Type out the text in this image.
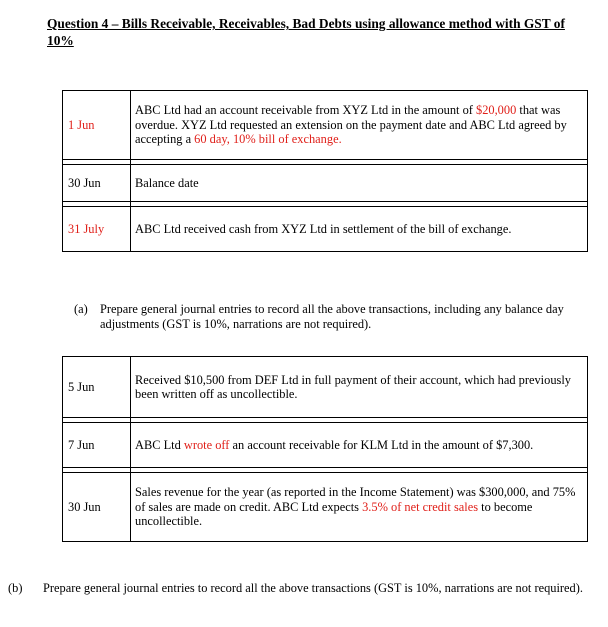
Question 4 – Bills Receivable, Receivables, Bad Debts using allowance method with GST of 10%
1 Jun	ABC Ltd had an account receivable from XYZ Ltd in the amount of $20,000 that was overdue. XYZ Ltd requested an extension on the payment date and ABC Ltd agreed by accepting a 60 day, 10% bill of exchange.

30 Jun	Balance date

31 July	ABC Ltd received cash from XYZ Ltd in settlement of the bill of exchange.
(a) Prepare general journal entries to record all the above transactions, including any balance day adjustments (GST is 10%, narrations are not required).
5 Jun	Received $10,500 from DEF Ltd in full payment of their account, which had previously been written off as uncollectible.

7 Jun	ABC Ltd wrote off an account receivable for KLM Ltd in the amount of $7,300.

30 Jun	Sales revenue for the year (as reported in the Income Statement) was $300,000, and 75% of sales are made on credit. ABC Ltd expects 3.5% of net credit sales to become uncollectible.
(b) Prepare general journal entries to record all the above transactions (GST is 10%, narrations are not required).
